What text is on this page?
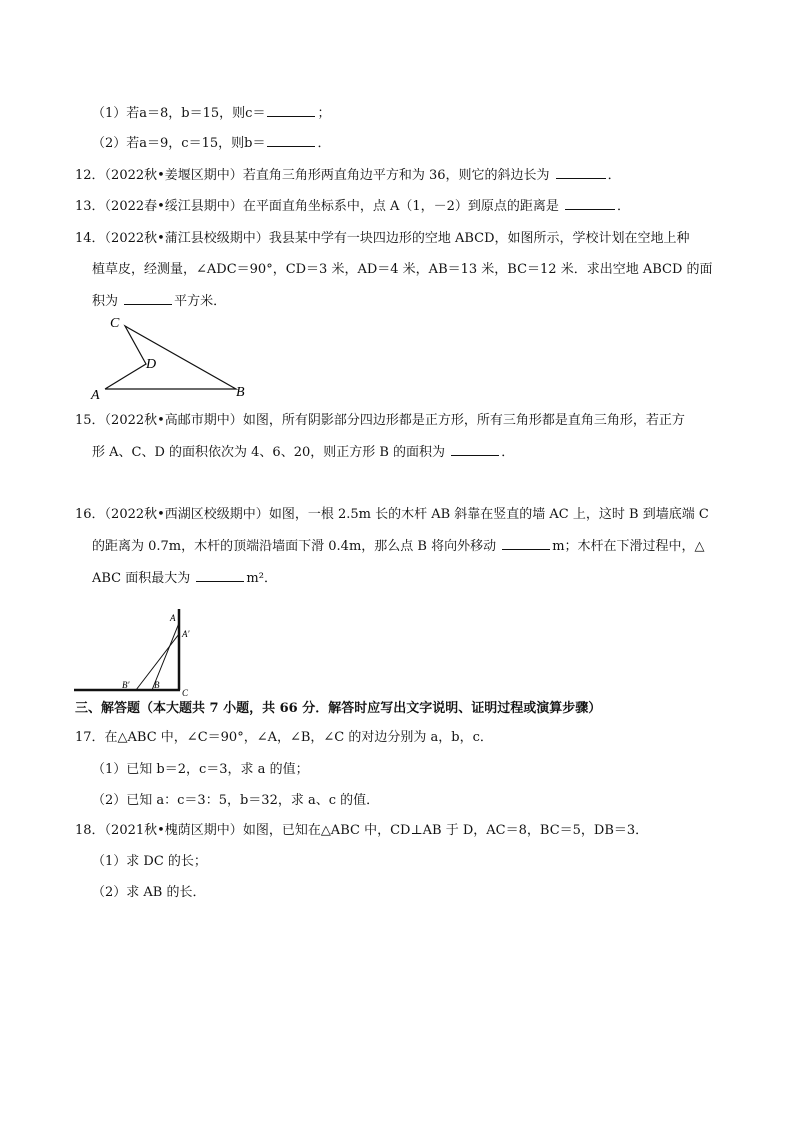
（1）若a＝8，b＝15，则c＝	；
（2）若a＝9，c＝15，则b＝	．
12．（2022秋•姜堰区期中）若直角三角形两直角边平方和为 36，则它的斜边长为	．
13．（2022春•绥江县期中）在平面直角坐标系中，点 A（1，－2）到原点的距离是	．
14．（2022秋•蒲江县校级期中）我县某中学有一块四边形的空地 ABCD，如图所示，学校计划在空地上种
植草皮，经测量，∠ADC＝90°，CD＝3 米，AD＝4 米，AB＝13 米，BC＝12 米．求出空地 ABCD 的面
积为	平方米．
C
D
A	B
15．（2022秋•高邮市期中）如图，所有阴影部分四边形都是正方形，所有三角形都是直角三角形，若正方
形 A、C、D 的面积依次为 4、6、20，则正方形 B 的面积为	．
16．（2022秋•西湖区校级期中）如图，一根 2.5m 长的木杆 AB 斜靠在竖直的墙 AC 上，这时 B 到墙底端 C
的距离为 0.7m，木杆的顶端沿墙面下滑 0.4m，那么点 B 将向外移动	m；木杆在下滑过程中，△
ABC 面积最大为	m²．
A
A′
B′	B
C
三、解答题（本大题共 7 小题，共 66 分．解答时应写出文字说明、证明过程或演算步骤）
17．在△ABC 中，∠C＝90°，∠A，∠B，∠C 的对边分别为 a，b，c．
（1）已知 b＝2，c＝3，求 a 的值；
（2）已知 a：c＝3：5，b＝32，求 a、c 的值．
18．（2021秋•槐荫区期中）如图，已知在△ABC 中，CD⊥AB 于 D，AC＝8，BC＝5，DB＝3．
（1）求 DC 的长；
（2）求 AB 的长．
